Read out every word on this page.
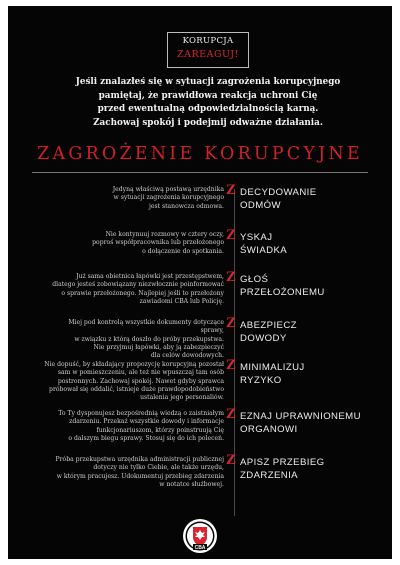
KORUPCJA
ZAREAGUJ!
Jeśli znalazłeś się w sytuacji zagrożenia korupcyjnego
pamiętaj, że prawidłowa reakcja uchroni Cię
przed ewentualną odpowiedzialnością karną.
Zachowaj spokój i podejmij odważne działania.
ZAGROŻENIE KORUPCYJNE
Jedyną właściwą postawą urzędnika
w sytuacji zagrożenia korupcyjnego
jest stanowcza odmowa.
Z DECYDOWANIE
ODMÓW
Nie kontynuuj rozmowy w cztery oczy,
poproś współpracownika lub przełożonego
o dołączenie do spotkania.
Z YSKAJ
ŚWIADKA
Już sama obietnica łapówki jest przestępstwem,
dlatego jesteś zobowiązany niezwłocznie poinformować
o sprawie przełożonego. Najlepiej jeśli to przełożony
zawiadomi CBA lub Policję.
Z GŁOŚ
PRZEŁOŻONEMU
Miej pod kontrolą wszystkie dokumenty dotyczące sprawy,
w związku z którą doszło do próby przekupstwa.
Nie przyjmuj łapówki, aby ją zabezpieczyć
dla celów dowodowych.
Z ABEZPIECZ
DOWODY
Nie dopuść, by składający propozycję korupcyjną pozostał
sam w pomieszczeniu, ale też nie wpuszczaj tam osób
postronnych. Zachowaj spokój. Nawet gdyby sprawca
próbował się oddalić, istnieje duże prawdopodobieństwo
ustalenia jego personaliów.
Z MINIMALIZUJ
RYZYKO
To Ty dysponujesz bezpośrednią wiedzą o zaistniałym
zdarzeniu. Przekaż wszystkie dowody i informacje
funkcjonariuszom, którzy poinstruują Cię
o dalszym biegu sprawy. Stosuj się do ich poleceń.
Z EZNAJ UPRAWNIONEMU
ORGANOWI
Próba przekupstwa urzędnika administracji publicznej
dotyczy nie tylko Ciebie, ale także urzędu,
w którym pracujesz. Udokumentuj przebieg zdarzenia
w notatce służbowej.
Z APISZ PRZEBIEG
ZDARZENIA
CBA
